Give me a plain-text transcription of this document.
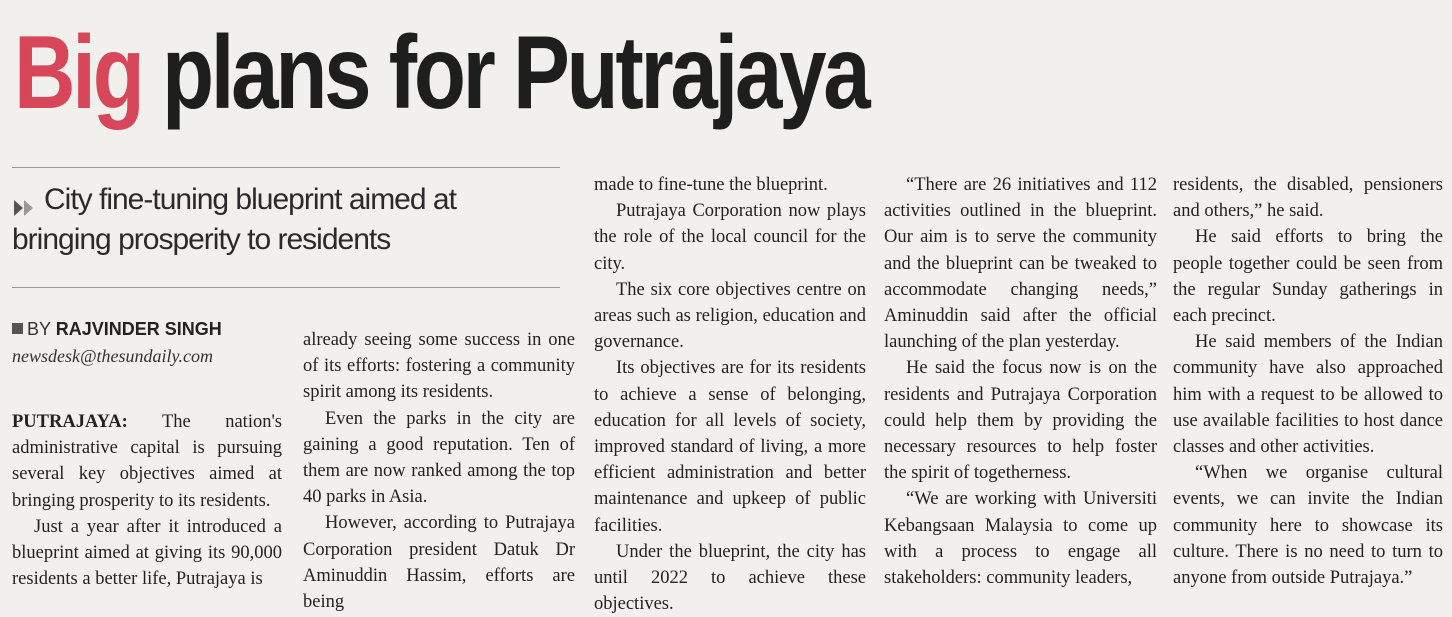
Big plans for Putrajaya
City fine-tuning blueprint aimed at bringing prosperity to residents
BY RAJVINDER SINGH
newsdesk@thesundaily.com

PUTRAJAYA: The nation's administrative capital is pursuing several key objectives aimed at bringing prosperity to its residents.

Just a year after it introduced a blueprint aimed at giving its 90,000 residents a better life, Putrajaya is

already seeing some success in one of its efforts: fostering a community spirit among its residents.

Even the parks in the city are gaining a good reputation. Ten of them are now ranked among the top 40 parks in Asia.

However, according to Putrajaya Corporation president Datuk Dr Aminuddin Hassim, efforts are being

made to fine-tune the blueprint.

Putrajaya Corporation now plays the role of the local council for the city.

The six core objectives centre on areas such as religion, education and governance.

Its objectives are for its residents to achieve a sense of belonging, education for all levels of society, improved standard of living, a more efficient administration and better maintenance and upkeep of public facilities.

Under the blueprint, the city has until 2022 to achieve these objectives.

“There are 26 initiatives and 112 activities outlined in the blueprint. Our aim is to serve the community and the blueprint can be tweaked to accommodate changing needs,” Aminuddin said after the official launching of the plan yesterday.

He said the focus now is on the residents and Putrajaya Corporation could help them by providing the necessary resources to help foster the spirit of togetherness.

“We are working with Universiti Kebangsaan Malaysia to come up with a process to engage all stakeholders: community leaders,

residents, the disabled, pensioners and others,” he said.

He said efforts to bring the people together could be seen from the regular Sunday gatherings in each precinct.

He said members of the Indian community have also approached him with a request to be allowed to use available facilities to host dance classes and other activities.

“When we organise cultural events, we can invite the Indian community here to showcase its culture. There is no need to turn to anyone from outside Putrajaya.”
